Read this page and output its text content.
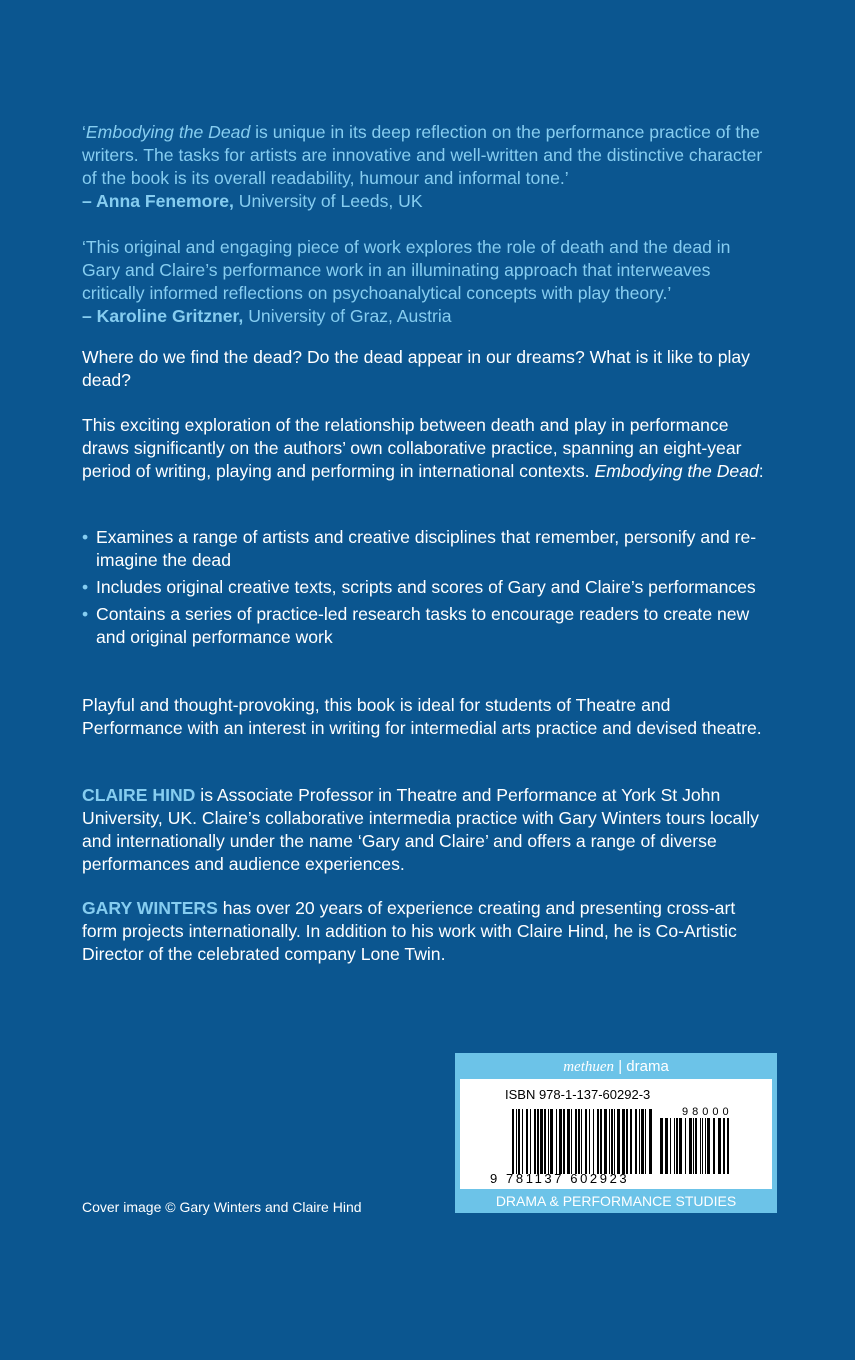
‘Embodying the Dead is unique in its deep reflection on the performance practice of the writers. The tasks for artists are innovative and well-written and the distinctive character of the book is its overall readability, humour and informal tone.’
– Anna Fenemore, University of Leeds, UK

‘This original and engaging piece of work explores the role of death and the dead in Gary and Claire’s performance work in an illuminating approach that interweaves critically informed reflections on psychoanalytical concepts with play theory.’
– Karoline Gritzner, University of Graz, Austria

Where do we find the dead? Do the dead appear in our dreams? What is it like to play dead?
This exciting exploration of the relationship between death and play in performance draws significantly on the authors’ own collaborative practice, spanning an eight-year period of writing, playing and performing in international contexts. Embodying the Dead:
• Examines a range of artists and creative disciplines that remember, personify and re-imagine the dead
• Includes original creative texts, scripts and scores of Gary and Claire’s performances
• Contains a series of practice-led research tasks to encourage readers to create new and original performance work
Playful and thought-provoking, this book is ideal for students of Theatre and Performance with an interest in writing for intermedial arts practice and devised theatre.
CLAIRE HIND is Associate Professor in Theatre and Performance at York St John University, UK. Claire’s collaborative intermedia practice with Gary Winters tours locally and internationally under the name ‘Gary and Claire’ and offers a range of diverse performances and audience experiences.
GARY WINTERS has over 20 years of experience creating and presenting cross-art form projects internationally. In addition to his work with Claire Hind, he is Co-Artistic Director of the celebrated company Lone Twin.
Cover image © Gary Winters and Claire Hind
methuen | drama
ISBN 978-1-137-60292-3
98000
9 781137 602923
DRAMA & PERFORMANCE STUDIES
